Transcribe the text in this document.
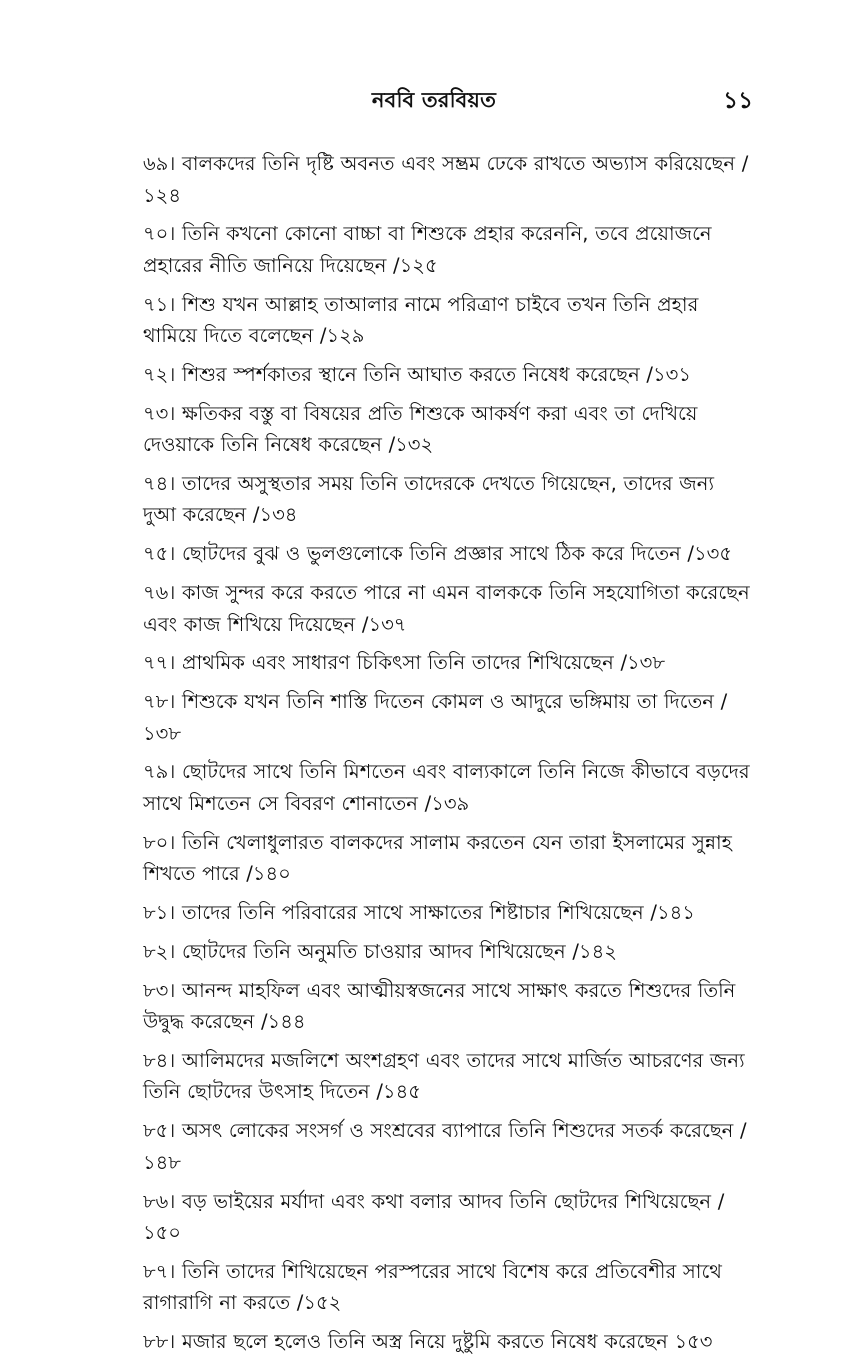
নববি তরবিয়ত	১১
৬৯। বালকদের তিনি দৃষ্টি অবনত এবং সম্ভ্রম ঢেকে রাখতে অভ্যাস করিয়েছেন /১২৪
৭০। তিনি কখনো কোনো বাচ্চা বা শিশুকে প্রহার করেননি, তবে প্রয়োজনে প্রহারের নীতি জানিয়ে দিয়েছেন /১২৫
৭১। শিশু যখন আল্লাহ তাআলার নামে পরিত্রাণ চাইবে তখন তিনি প্রহার থামিয়ে দিতে বলেছেন /১২৯
৭২। শিশুর স্পর্শকাতর স্থানে তিনি আঘাত করতে নিষেধ করেছেন /১৩১
৭৩। ক্ষতিকর বস্তু বা বিষয়ের প্রতি শিশুকে আকর্ষণ করা এবং তা দেখিয়ে দেওয়াকে তিনি নিষেধ করেছেন /১৩২
৭৪। তাদের অসুস্থতার সময় তিনি তাদেরকে দেখতে গিয়েছেন, তাদের জন্য দুআ করেছেন /১৩৪
৭৫। ছোটদের বুঝ ও ভুলগুলোকে তিনি প্রজ্ঞার সাথে ঠিক করে দিতেন /১৩৫
৭৬। কাজ সুন্দর করে করতে পারে না এমন বালককে তিনি সহযোগিতা করেছেন এবং কাজ শিখিয়ে দিয়েছেন /১৩৭
৭৭। প্রাথমিক এবং সাধারণ চিকিৎসা তিনি তাদের শিখিয়েছেন /১৩৮
৭৮। শিশুকে যখন তিনি শাস্তি দিতেন কোমল ও আদুরে ভঙ্গিমায় তা দিতেন /১৩৮
৭৯। ছোটদের সাথে তিনি মিশতেন এবং বাল্যকালে তিনি নিজে কীভাবে বড়দের সাথে মিশতেন সে বিবরণ শোনাতেন /১৩৯
৮০। তিনি খেলাধুলারত বালকদের সালাম করতেন যেন তারা ইসলামের সুন্নাহ শিখতে পারে /১৪০
৮১। তাদের তিনি পরিবারের সাথে সাক্ষাতের শিষ্টাচার শিখিয়েছেন /১৪১
৮২। ছোটদের তিনি অনুমতি চাওয়ার আদব শিখিয়েছেন /১৪২
৮৩। আনন্দ মাহফিল এবং আত্মীয়স্বজনের সাথে সাক্ষাৎ করতে শিশুদের তিনি উদ্বুদ্ধ করেছেন /১৪৪
৮৪। আলিমদের মজলিশে অংশগ্রহণ এবং তাদের সাথে মার্জিত আচরণের জন্য তিনি ছোটদের উৎসাহ দিতেন /১৪৫
৮৫। অসৎ লোকের সংসর্গ ও সংশ্রবের ব্যাপারে তিনি শিশুদের সতর্ক করেছেন /১৪৮
৮৬। বড় ভাইয়ের মর্যাদা এবং কথা বলার আদব তিনি ছোটদের শিখিয়েছেন /১৫০
৮৭। তিনি তাদের শিখিয়েছেন পরস্পরের সাথে বিশেষ করে প্রতিবেশীর সাথে রাগারাগি না করতে /১৫২
৮৮। মজার ছলে হলেও তিনি অস্ত্র নিয়ে দুষ্টুমি করতে নিষেধ করেছেন ১৫৩
